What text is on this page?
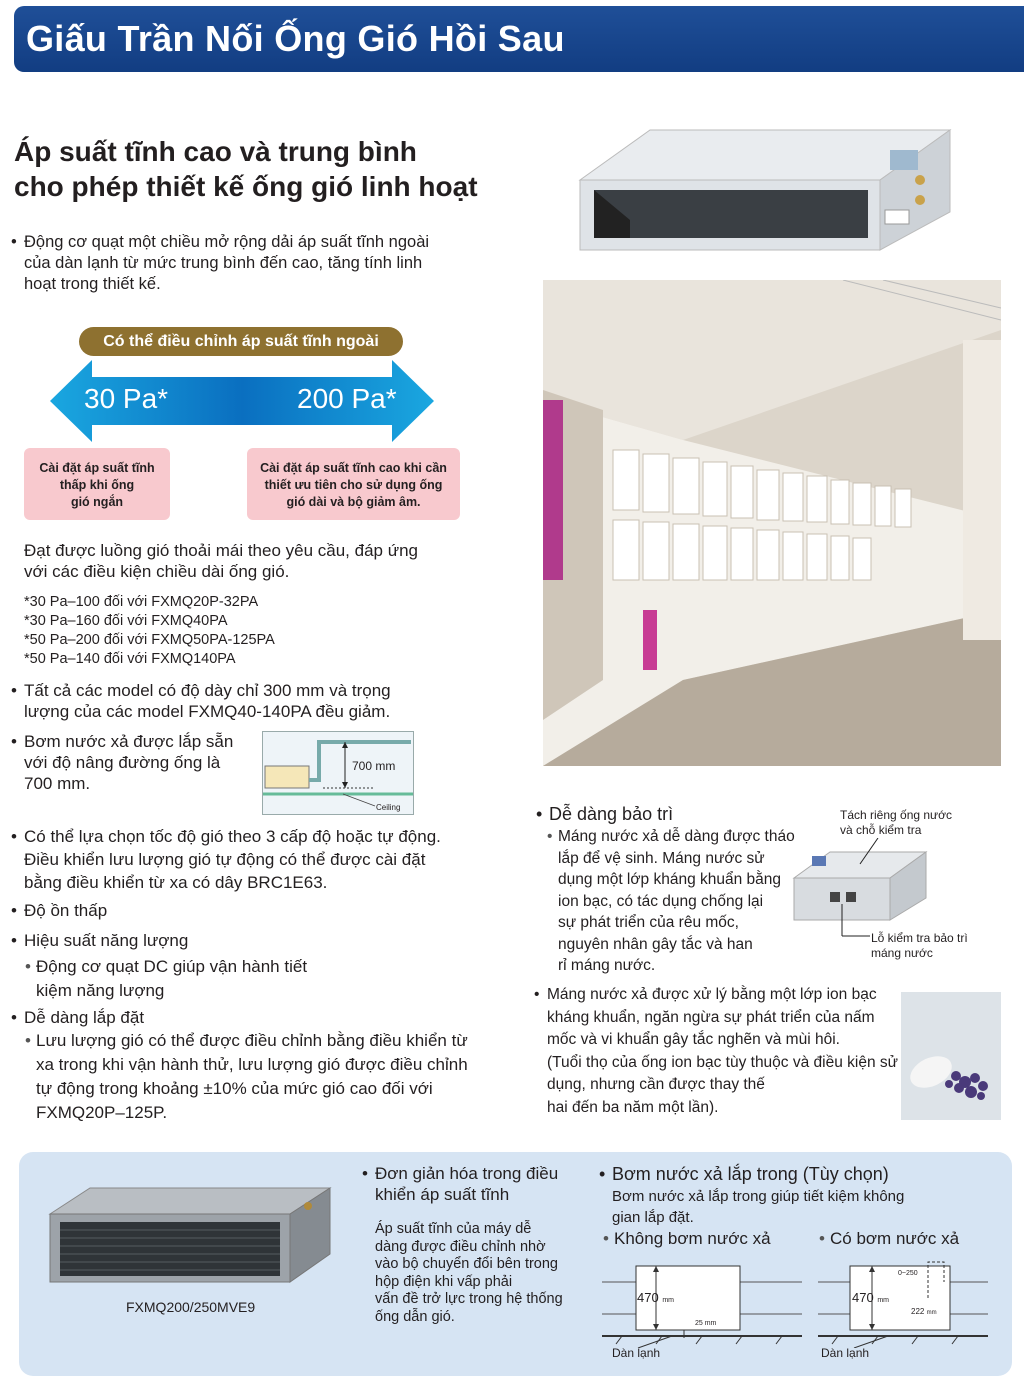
Giấu Trần Nối Ống Gió Hồi Sau
Áp suất tĩnh cao và trung bình
cho phép thiết kế ống gió linh hoạt
• Động cơ quạt một chiều mở rộng dải áp suất tĩnh ngoài
của dàn lạnh từ mức trung bình đến cao, tăng tính linh
hoạt trong thiết kế.
Có thể điều chỉnh áp suất tĩnh ngoài
30 Pa*	200 Pa*
Cài đặt áp suất tĩnh
thấp khi ống
gió ngắn
Cài đặt áp suất tĩnh cao khi cần
thiết ưu tiên cho sử dụng ống
gió dài và bộ giảm âm.
Đạt được luồng gió thoải mái theo yêu cầu, đáp ứng
với các điều kiện chiều dài ống gió.
*30 Pa–100 đối với FXMQ20P-32PA
*30 Pa–160 đối với FXMQ40PA
*50 Pa–200 đối với FXMQ50PA-125PA
*50 Pa–140 đối với FXMQ140PA
• Tất cả các model có độ dày chỉ 300 mm và trọng
lượng của các model FXMQ40-140PA đều giảm.
• Bơm nước xả được lắp sẵn
với độ nâng đường ống là
700 mm.
700 mm
Ceiling
• Có thể lựa chọn tốc độ gió theo 3 cấp độ hoặc tự động.
Điều khiển lưu lượng gió tự động có thể được cài đặt
bằng điều khiển từ xa có dây BRC1E63.
• Độ ồn thấp
• Hiệu suất năng lượng
• Động cơ quạt DC giúp vận hành tiết
kiệm năng lượng
• Dễ dàng lắp đặt
• Lưu lượng gió có thể được điều chỉnh bằng điều khiển từ
xa trong khi vận hành thử, lưu lượng gió được điều chỉnh
tự động trong khoảng ±10% của mức gió cao đối với
FXMQ20P–125P.
• Dễ dàng bảo trì
• Máng nước xả dễ dàng được tháo
lắp để vệ sinh. Máng nước sử
dụng một lớp kháng khuẩn bằng
ion bạc, có tác dụng chống lại
sự phát triển của rêu mốc,
nguyên nhân gây tắc và han
rỉ máng nước.
Tách riêng ống nước
và chỗ kiểm tra
Lỗ kiểm tra bảo trì
máng nước
• Máng nước xả được xử lý bằng một lớp ion bạc
kháng khuẩn, ngăn ngừa sự phát triển của nấm
mốc và vi khuẩn gây tắc nghẽn và mùi hôi.
(Tuổi thọ của ống ion bạc tùy thuộc và điều kiện sử
dụng, nhưng cần được thay thế
hai đến ba năm một lần).
FXMQ200/250MVE9
• Đơn giản hóa trong điều
khiển áp suất tĩnh
Áp suất tĩnh của máy dễ
dàng được điều chỉnh nhờ
vào bộ chuyển đổi bên trong
hộp điện khi vấp phải
vấn đề trở lực trong hệ thống
ống dẫn gió.
• Bơm nước xả lắp trong (Tùy chọn)
Bơm nước xả lắp trong giúp tiết kiệm không
gian lắp đặt.
• Không bơm nước xả
•	Có bơm nước xả
470 mm
25 mm
Dàn lạnh
470 mm
0~250
222 mm
Dàn lạnh
